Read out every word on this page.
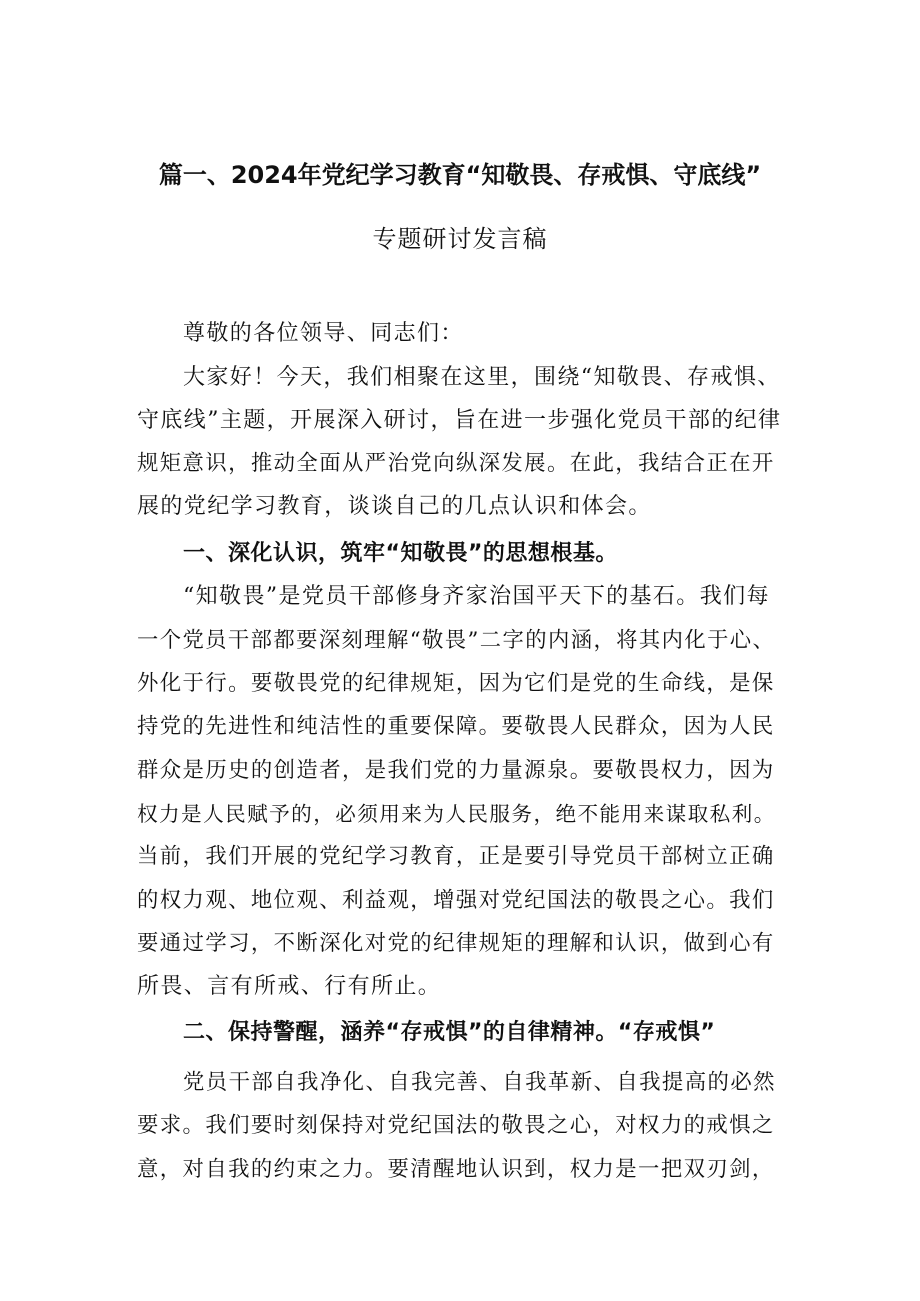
篇一、2024年党纪学习教育“知敬畏、存戒惧、守底线”
专题研讨发言稿
尊敬的各位领导、同志们：
大家好！今天，我们相聚在这里，围绕“知敬畏、存戒惧、
守底线”主题，开展深入研讨，旨在进一步强化党员干部的纪律
规矩意识，推动全面从严治党向纵深发展。在此，我结合正在开
展的党纪学习教育，谈谈自己的几点认识和体会。
一、深化认识，筑牢“知敬畏”的思想根基。
“知敬畏”是党员干部修身齐家治国平天下的基石。我们每
一个党员干部都要深刻理解“敬畏”二字的内涵，将其内化于心、
外化于行。要敬畏党的纪律规矩，因为它们是党的生命线，是保
持党的先进性和纯洁性的重要保障。要敬畏人民群众，因为人民
群众是历史的创造者，是我们党的力量源泉。要敬畏权力，因为
权力是人民赋予的，必须用来为人民服务，绝不能用来谋取私利。
当前，我们开展的党纪学习教育，正是要引导党员干部树立正确
的权力观、地位观、利益观，增强对党纪国法的敬畏之心。我们
要通过学习，不断深化对党的纪律规矩的理解和认识，做到心有
所畏、言有所戒、行有所止。
二、保持警醒，涵养“存戒惧”的自律精神。“存戒惧”
党员干部自我净化、自我完善、自我革新、自我提高的必然
要求。我们要时刻保持对党纪国法的敬畏之心，对权力的戒惧之
意，对自我的约束之力。要清醒地认识到，权力是一把双刃剑，
